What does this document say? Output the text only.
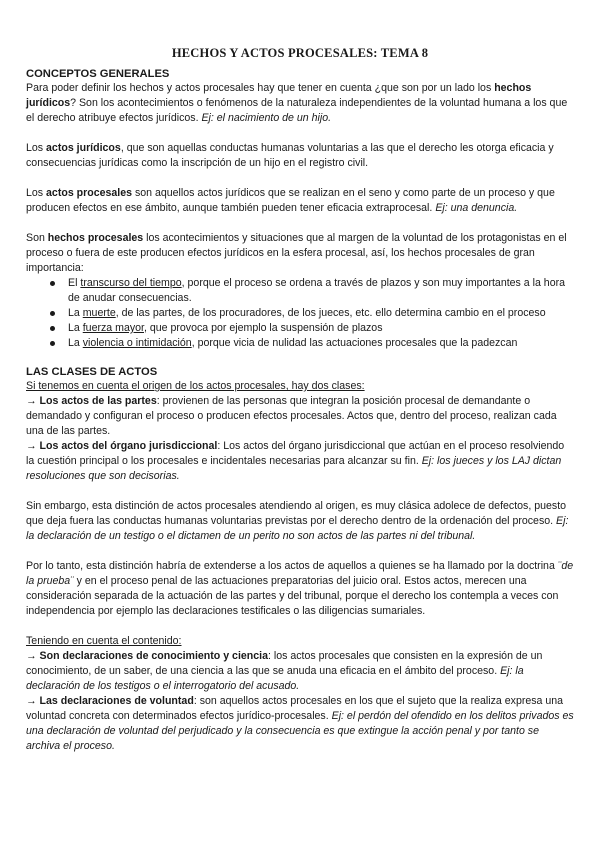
HECHOS Y ACTOS PROCESALES: TEMA 8
CONCEPTOS GENERALES

Para poder definir los hechos y actos procesales hay que tener en cuenta ¿que son por un lado los hechos jurídicos? Son los acontecimientos o fenómenos de la naturaleza independientes de la voluntad humana a los que el derecho atribuye efectos jurídicos. Ej: el nacimiento de un hijo.

Los actos jurídicos, que son aquellas conductas humanas voluntarias a las que el derecho les otorga eficacia y consecuencias jurídicas como la inscripción de un hijo en el registro civil.

Los actos procesales son aquellos actos jurídicos que se realizan en el seno y como parte de un proceso y que producen efectos en ese ámbito, aunque también pueden tener eficacia extraprocesal. Ej: una denuncia.

Son hechos procesales los acontecimientos y situaciones que al margen de la voluntad de los protagonistas en el proceso o fuera de este producen efectos jurídicos en la esfera procesal, así, los hechos procesales de gran importancia:

El transcurso del tiempo, porque el proceso se ordena a través de plazos y son muy importantes a la hora de anudar consecuencias.
La muerte, de las partes, de los procuradores, de los jueces, etc. ello determina cambio en el proceso
La fuerza mayor, que provoca por ejemplo la suspensión de plazos
La violencia o intimidación, porque vicia de nulidad las actuaciones procesales que la padezcan
LAS CLASES DE ACTOS

Si tenemos en cuenta el origen de los actos procesales, hay dos clases:

→ Los actos de las partes: provienen de las personas que integran la posición procesal de demandante o demandado y configuran el proceso o producen efectos procesales. Actos que, dentro del proceso, realizan cada una de las partes.

→ Los actos del órgano jurisdiccional: Los actos del órgano jurisdiccional que actúan en el proceso resolviendo la cuestión principal o los procesales e incidentales necesarias para alcanzar su fin. Ej: los jueces y los LAJ dictan resoluciones que son decisorias.

Sin embargo, esta distinción de actos procesales atendiendo al origen, es muy clásica adolece de defectos, puesto que deja fuera las conductas humanas voluntarias previstas por el derecho dentro de la ordenación del proceso. Ej: la declaración de un testigo o el dictamen de un perito no son actos de las partes ni del tribunal.

Por lo tanto, esta distinción habría de extenderse a los actos de aquellos a quienes se ha llamado por la doctrina ¨de la prueba¨ y en el proceso penal de las actuaciones preparatorias del juicio oral. Estos actos, merecen una consideración separada de la actuación de las partes y del tribunal, porque el derecho los contempla a veces con independencia por ejemplo las declaraciones testificales o las diligencias sumariales.

Teniendo en cuenta el contenido:

→ Son declaraciones de conocimiento y ciencia: los actos procesales que consisten en la expresión de un conocimiento, de un saber, de una ciencia a las que se anuda una eficacia en el ámbito del proceso. Ej: la declaración de los testigos o el interrogatorio del acusado.

→ Las declaraciones de voluntad: son aquellos actos procesales en los que el sujeto que la realiza expresa una voluntad concreta con determinados efectos jurídico-procesales. Ej: el perdón del ofendido en los delitos privados es una declaración de voluntad del perjudicado y la consecuencia es que extingue la acción penal y por tanto se archiva el proceso.
